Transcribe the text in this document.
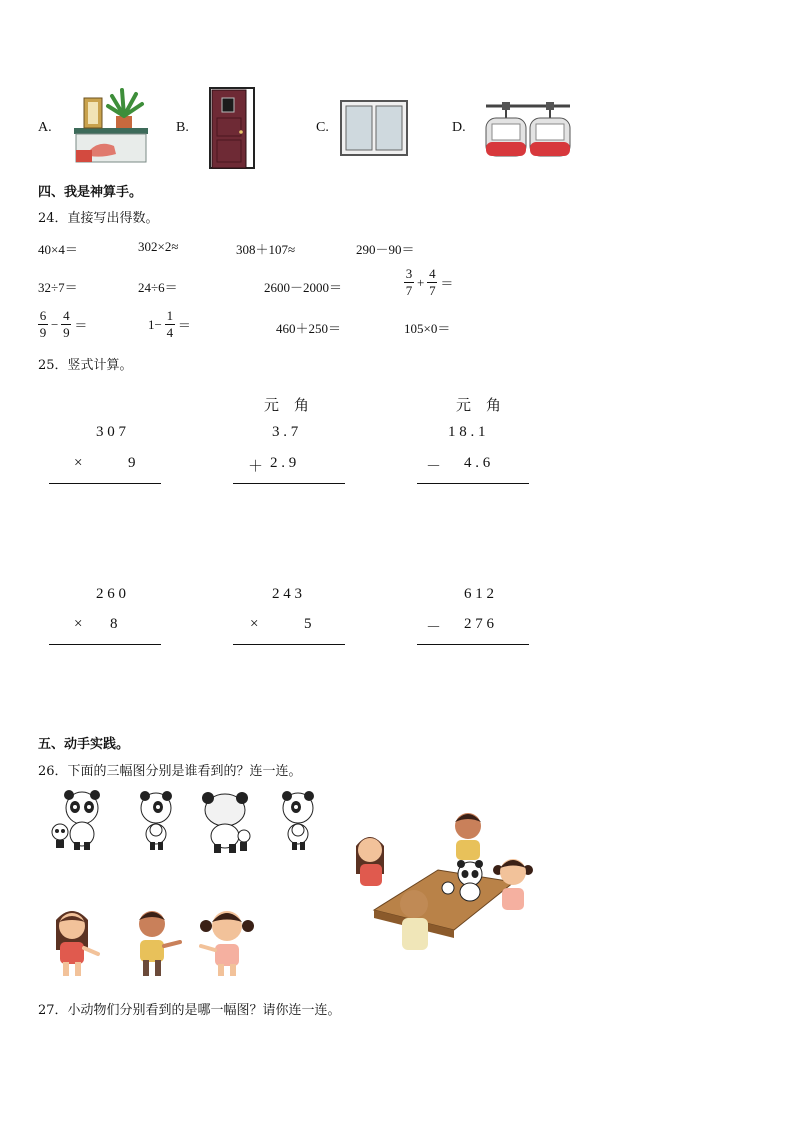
A.	B.	C.	D.
四、我是神算手。
24．直接写出得数。
40×4＝	302×2≈	308＋107≈	290－90＝
32÷7＝	24÷6＝	2600－2000＝	$\frac{3}{7} + \frac{4}{7}$ ＝
$\frac{6}{9} - \frac{4}{9}$ ＝	$1- \frac{1}{4}$ ＝	460＋250＝	105×0＝
25．竖式计算。
元　角	元　角
3 0 7
×	9
3 . 7
＋ 2 . 9
1 8 . 1
－ 4 . 6
2 6 0
× 8
2 4 3
×	5
6 1 2
－ 2 7 6
五、动手实践。
26．下面的三幅图分别是谁看到的？连一连。
27．小动物们分别看到的是哪一幅图？请你连一连。
